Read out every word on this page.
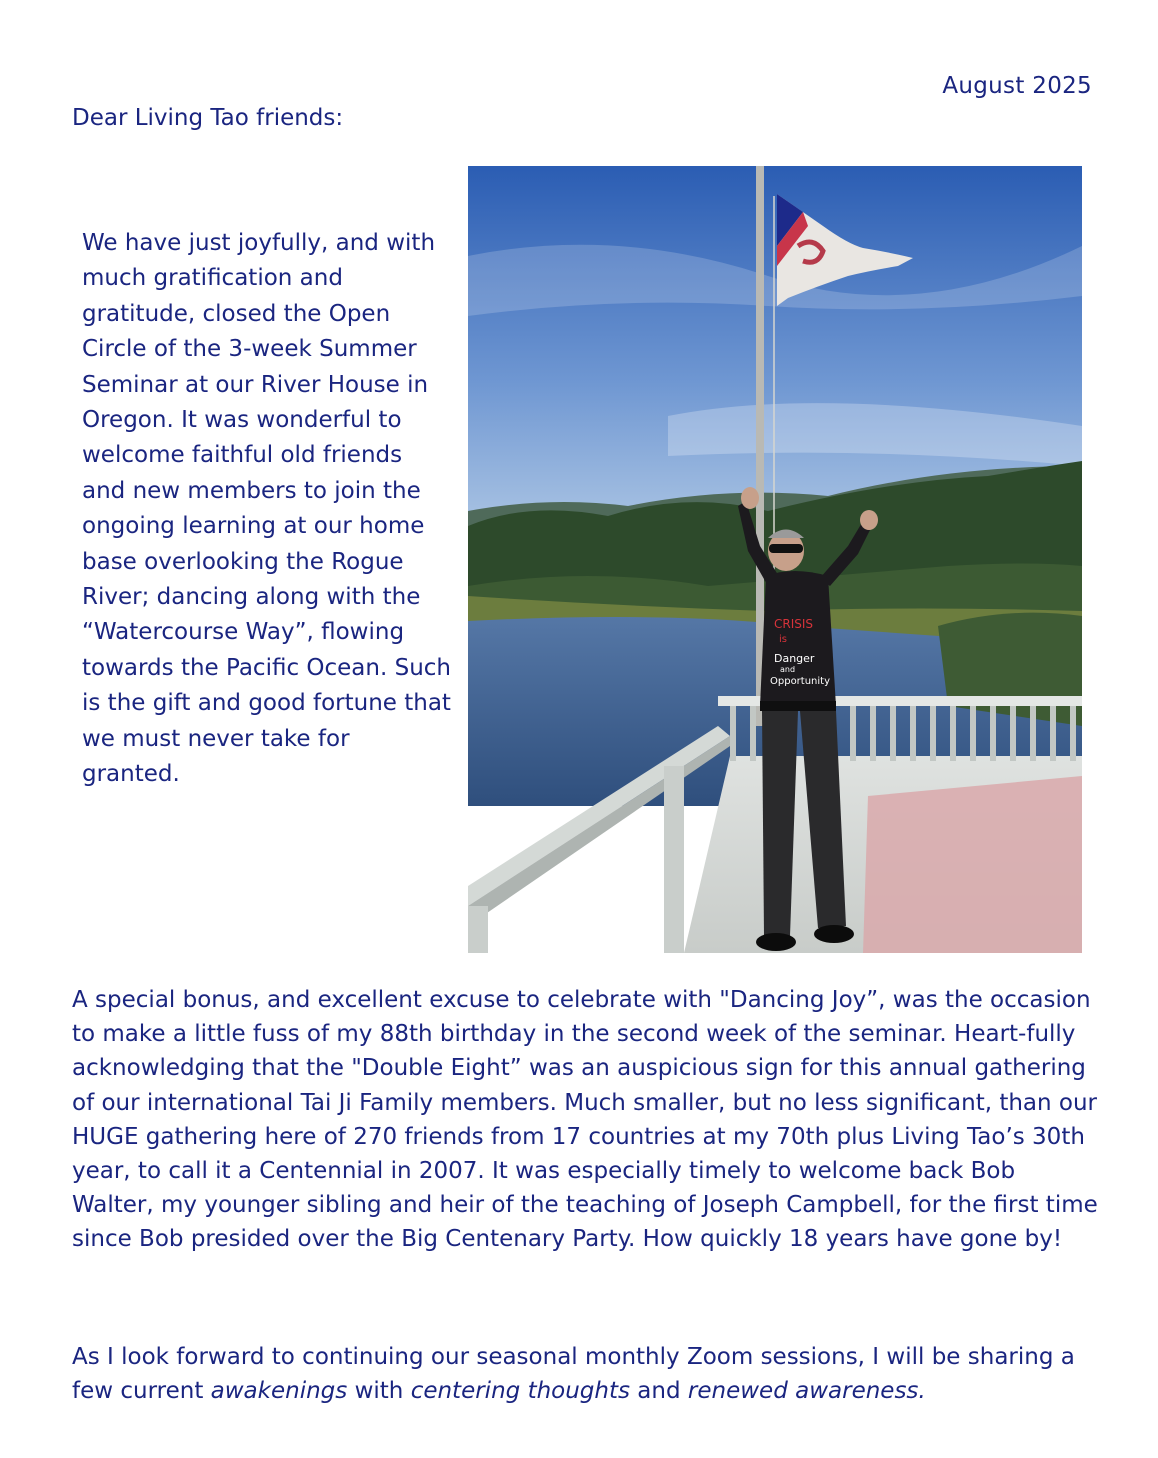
August 2025
Dear Living Tao friends:

We have just joyfully, and with much gratification and gratitude, closed the Open Circle of the 3-week Summer Seminar at our River House in Oregon. It was wonderful to welcome faithful old friends and new members to join the ongoing learning at our home base overlooking the Rogue River; dancing along with the “Watercourse Way”, flowing towards the Pacific Ocean. Such is the gift and good fortune that we must never take for granted.

CRISIS
is
Danger
and
Opportunity

A special bonus, and excellent excuse to celebrate with "Dancing Joy”, was the occasion to make a little fuss of my 88th birthday in the second week of the seminar. Heart-fully acknowledging that the "Double Eight” was an auspicious sign for this annual gathering of our international Tai Ji Family members. Much smaller, but no less significant, than our HUGE gathering here of 270 friends from 17 countries at my 70th plus Living Tao’s 30th year, to call it a Centennial in 2007. It was especially timely to welcome back Bob Walter, my younger sibling and heir of the teaching of Joseph Campbell, for the first time since Bob presided over the Big Centenary Party. How quickly 18 years have gone by!

As I look forward to continuing our seasonal monthly Zoom sessions, I will be sharing a few current awakenings with centering thoughts and renewed awareness.
